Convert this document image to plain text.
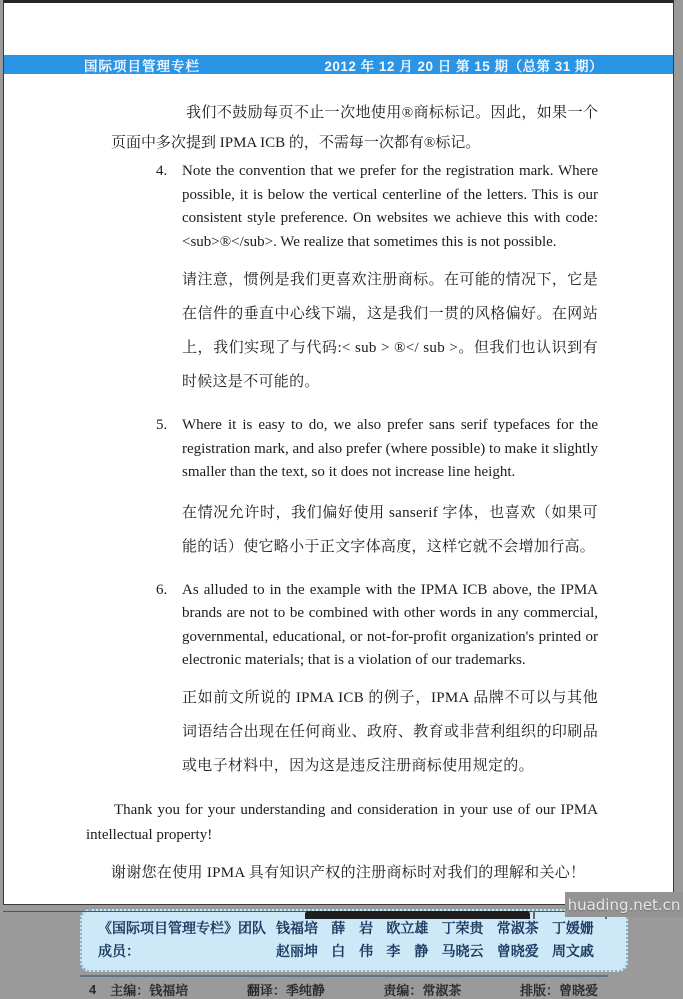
国际项目管理专栏	2012 年 12 月 20 日 第 15 期（总第 31 期）

我们不鼓励每页不止一次地使用®商标标记。因此，如果一个页面中多次提到 IPMA ICB 的，不需每一次都有®标记。

4. Note the convention that we prefer for the registration mark. Where possible, it is below the vertical centerline of the letters. This is our consistent style preference. On websites we achieve this with code: <sub>®</sub>. We realize that sometimes this is not possible.

请注意，惯例是我们更喜欢注册商标。在可能的情况下，它是在信件的垂直中心线下端，这是我们一贯的风格偏好。在网站上，我们实现了与代码:< sub > ®</ sub >。但我们也认识到有时候这是不可能的。

5. Where it is easy to do, we also prefer sans serif typefaces for the registration mark, and also prefer (where possible) to make it slightly smaller than the text, so it does not increase line height.

在情况允许时，我们偏好使用 sanserif 字体，也喜欢（如果可能的话）使它略小于正文字体高度，这样它就不会增加行高。

6. As alluded to in the example with the IPMA ICB above, the IPMA brands are not to be combined with other words in any commercial, governmental, educational, or not-for-profit organization's printed or electronic materials; that is a violation of our trademarks.

正如前文所说的 IPMA ICB 的例子，IPMA 品牌不可以与其他词语结合出现在任何商业、政府、教育或非营利组织的印刷品或电子材料中，因为这是违反注册商标使用规定的。

Thank you for your understanding and consideration in your use of our IPMA intellectual property!

谢谢您在使用 IPMA 具有知识产权的注册商标时对我们的理解和关心！

《国际项目管理专栏》团队成员：
钱福培 薛　岩 欧立雄 丁荣贵 常淑茶 丁媛姗
赵丽坤 白　伟 李　静 马晓云 曾晓爱 周文戚
4 主编：钱福培	翻译：季纯静	责编：常淑茶	排版：曾晓爱
huading.net.cn
